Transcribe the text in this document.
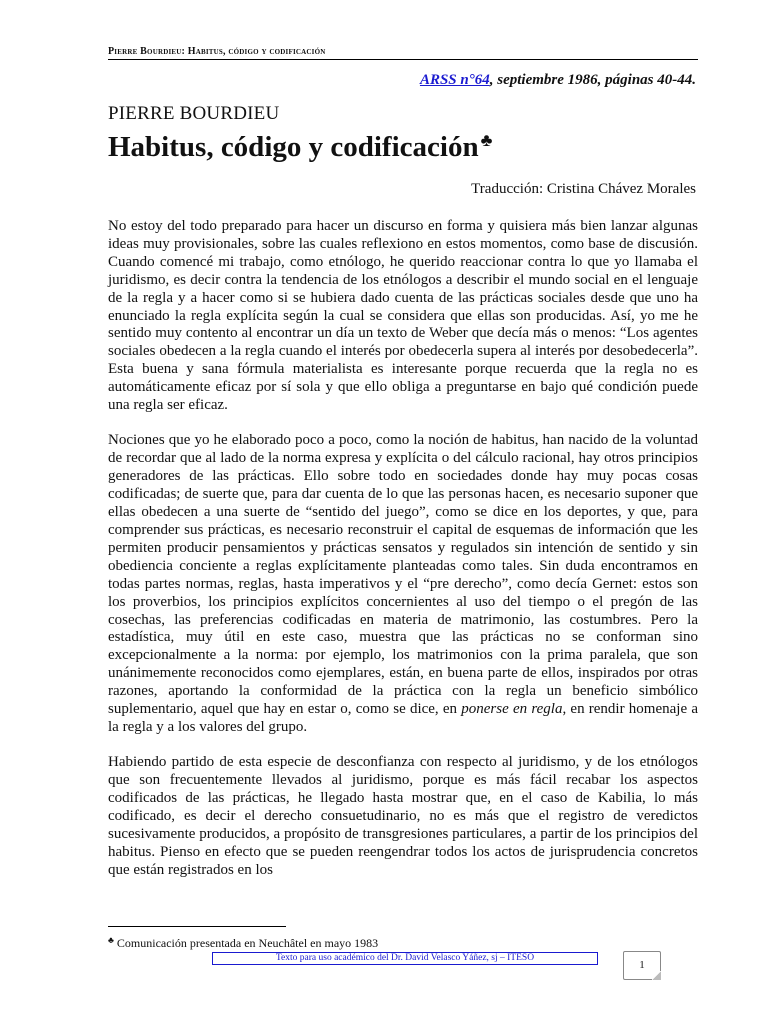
Pierre Bourdieu: Habitus, código y codificación
ARSS n°64, septiembre 1986, páginas 40-44.
PIERRE BOURDIEU
Habitus, código y codificación ♣
Traducción: Cristina Chávez Morales

No estoy del todo preparado para hacer un discurso en forma y quisiera más bien lanzar algunas ideas muy provisionales, sobre las cuales reflexiono en estos momentos, como base de discusión. Cuando comencé mi trabajo, como etnólogo, he querido reaccionar contra lo que yo llamaba el juridismo, es decir contra la tendencia de los etnólogos a describir el mundo social en el lenguaje de la regla y a hacer como si se hubiera dado cuenta de las prácticas sociales desde que uno ha enunciado la regla explícita según la cual se considera que ellas son producidas. Así, yo me he sentido muy contento al encontrar un día un texto de Weber que decía más o menos: “Los agentes sociales obedecen a la regla cuando el interés por obedecerla supera al interés por desobedecerla”. Esta buena y sana fórmula materialista es interesante porque recuerda que la regla no es automáticamente eficaz por sí sola y que ello obliga a preguntarse en bajo qué condición puede una regla ser eficaz.

Nociones que yo he elaborado poco a poco, como la noción de habitus, han nacido de la voluntad de recordar que al lado de la norma expresa y explícita o del cálculo racional, hay otros principios generadores de las prácticas. Ello sobre todo en sociedades donde hay muy pocas cosas codificadas; de suerte que, para dar cuenta de lo que las personas hacen, es necesario suponer que ellas obedecen a una suerte de “sentido del juego”, como se dice en los deportes, y que, para comprender sus prácticas, es necesario reconstruir el capital de esquemas de información que les permiten producir pensamientos y prácticas sensatos y regulados sin intención de sentido y sin obediencia conciente a reglas explícitamente planteadas como tales. Sin duda encontramos en todas partes normas, reglas, hasta imperativos y el “pre derecho”, como decía Gernet: estos son los proverbios, los principios explícitos concernientes al uso del tiempo o el pregón de las cosechas, las preferencias codificadas en materia de matrimonio, las costumbres. Pero la estadística, muy útil en este caso, muestra que las prácticas no se conforman sino excepcionalmente a la norma: por ejemplo, los matrimonios con la prima paralela, que son unánimemente reconocidos como ejemplares, están, en buena parte de ellos, inspirados por otras razones, aportando la conformidad de la práctica con la regla un beneficio simbólico suplementario, aquel que hay en estar o, como se dice, en ponerse en regla, en rendir homenaje a la regla y a los valores del grupo.

Habiendo partido de esta especie de desconfianza con respecto al juridismo, y de los etnólogos que son frecuentemente llevados al juridismo, porque es más fácil recabar los aspectos codificados de las prácticas, he llegado hasta mostrar que, en el caso de Kabilia, lo más codificado, es decir el derecho consuetudinario, no es más que el registro de veredictos sucesivamente producidos, a propósito de transgresiones particulares, a partir de los principios del habitus. Pienso en efecto que se pueden reengendrar todos los actos de jurisprudencia concretos que están registrados en los

♣ Comunicación presentada en Neuchâtel en mayo 1983
Texto para uso académico del Dr. David Velasco Yáñez, sj – ITESO
1
